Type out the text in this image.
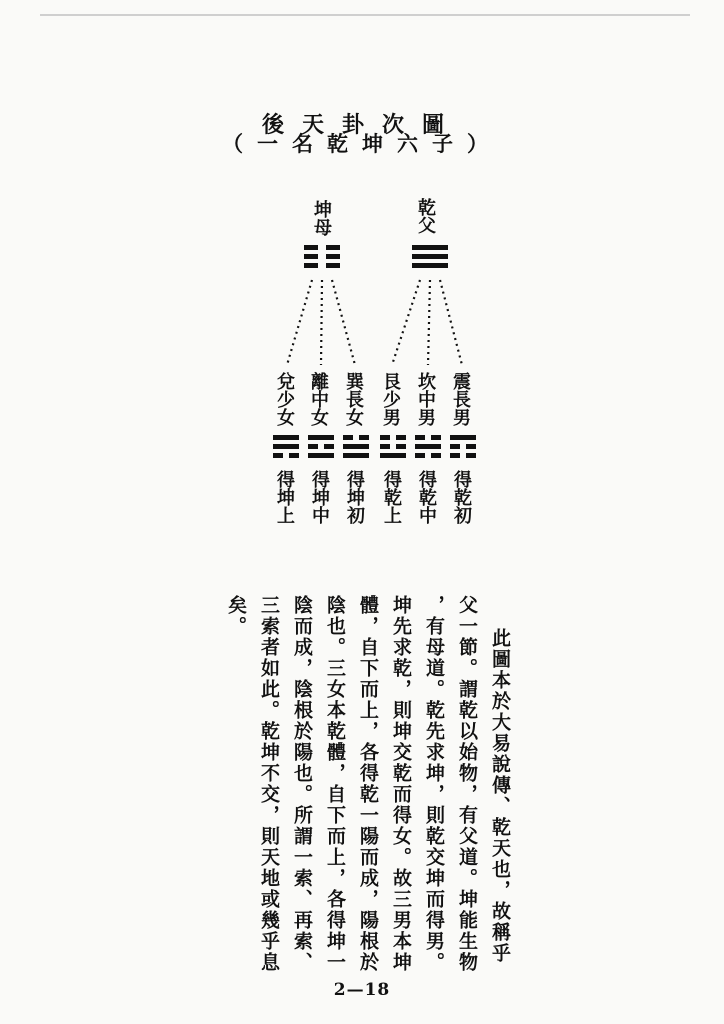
後天卦次圖
（一名乾坤六子）
坤母	乾父
兌少女 離中女 巽長女 艮少男 坎中男 震長男
得坤上 得坤中 得坤初 得乾上 得乾中 得乾初
此圖本於大易說傳、乾天也，故稱乎
父一節。謂乾以始物，有父道。坤能生物
，有母道。乾先求坤，則乾交坤而得男。
坤先求乾，則坤交乾而得女。故三男本坤
體，自下而上，各得乾一陽而成，陽根於
陰也。三女本乾體，自下而上，各得坤一
陰而成，陰根於陽也。所謂一索、再索、
三索者如此。乾坤不交，則天地或幾乎息
矣。
2—18
